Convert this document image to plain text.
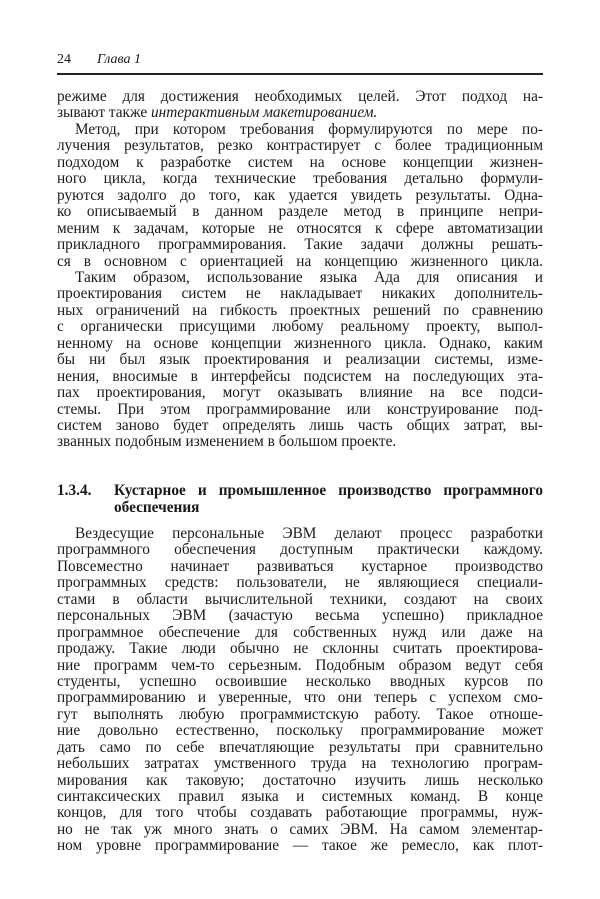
24 Глава 1
режиме для достижения необходимых целей. Этот подход на-
зывают также интерактивным макетированием.
Метод, при котором требования формулируются по мере по-
лучения результатов, резко контрастирует с более традиционным
подходом к разработке систем на основе концепции жизнен-
ного цикла, когда технические требования детально формули-
руются задолго до того, как удается увидеть результаты. Одна-
ко описываемый в данном разделе метод в принципе непри-
меним к задачам, которые не относятся к сфере автоматизации
прикладного программирования. Такие задачи должны решать-
ся в основном с ориентацией на концепцию жизненного цикла.
Таким образом, использование языка Ада для описания и
проектирования систем не накладывает никаких дополнитель-
ных ограничений на гибкость проектных решений по сравнению
с органически присущими любому реальному проекту, выпол-
ненному на основе концепции жизненного цикла. Однако, каким
бы ни был язык проектирования и реализации системы, изме-
нения, вносимые в интерфейсы подсистем на последующих эта-
пах проектирования, могут оказывать влияние на все подси-
стемы. При этом программирование или конструирование под-
систем заново будет определять лишь часть общих затрат, вы-
званных подобным изменением в большом проекте.
1.3.4.	Кустарное и промышленное производство программного
обеспечения
Вездесущие персональные ЭВМ делают процесс разработки
программного обеспечения доступным практически каждому.
Повсеместно начинает развиваться кустарное производство
программных средств: пользователи, не являющиеся специали-
стами в области вычислительной техники, создают на своих
персональных ЭВМ (зачастую весьма успешно) прикладное
программное обеспечение для собственных нужд или даже на
продажу. Такие люди обычно не склонны считать проектирова-
ние программ чем-то серьезным. Подобным образом ведут себя
студенты, успешно освоившие несколько вводных курсов по
программированию и уверенные, что они теперь с успехом смо-
гут выполнять любую программистскую работу. Такое отноше-
ние довольно естественно, поскольку программирование может
дать само по себе впечатляющие результаты при сравнительно
небольших затратах умственного труда на технологию програм-
мирования как таковую; достаточно изучить лишь несколько
синтаксических правил языка и системных команд. В конце
концов, для того чтобы создавать работающие программы, нуж-
но не так уж много знать о самих ЭВМ. На самом элементар-
ном уровне программирование — такое же ремесло, как плот-
